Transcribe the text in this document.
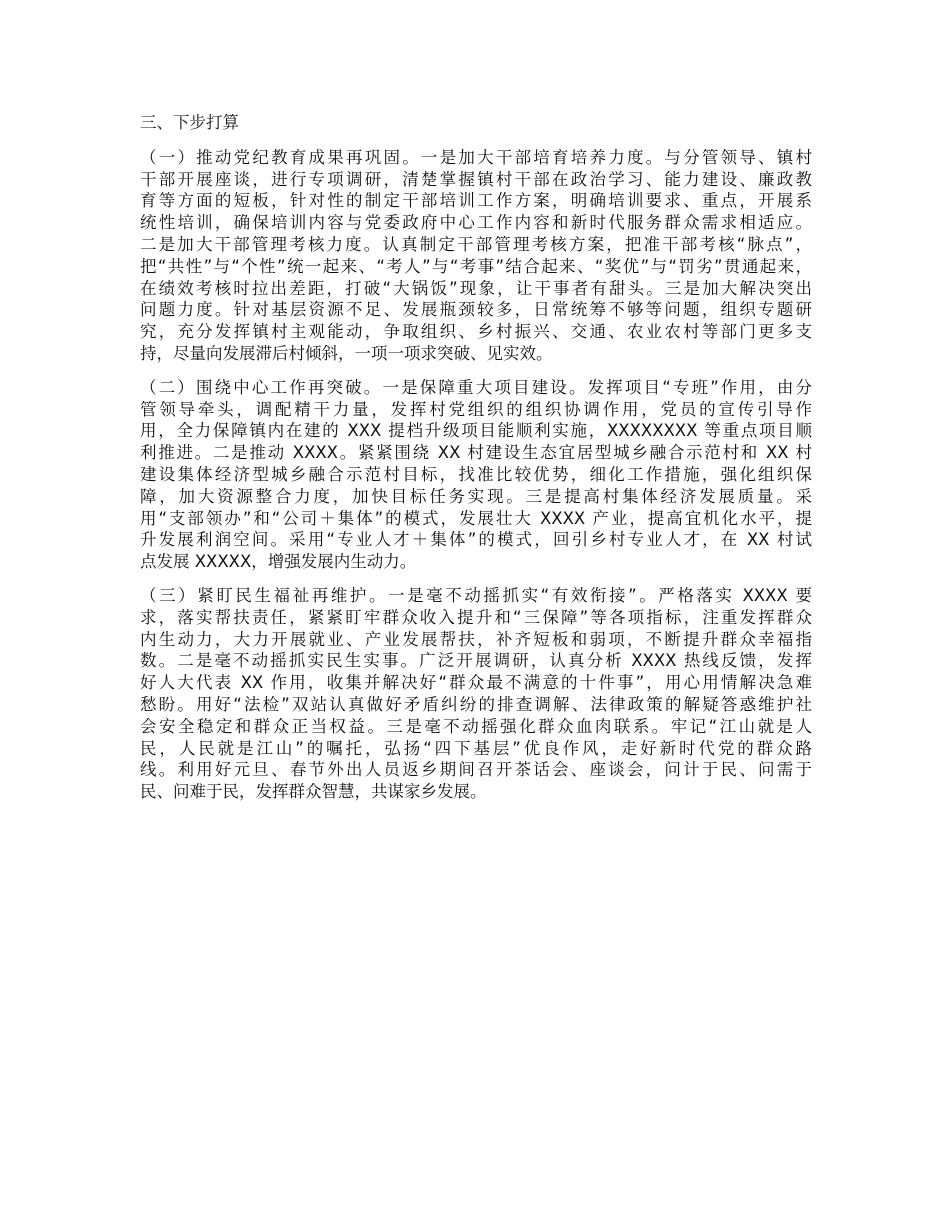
三、下步打算
（一）推动党纪教育成果再巩固。一是加大干部培育培养力度。与分管领导、镇村
干部开展座谈，进行专项调研，清楚掌握镇村干部在政治学习、能力建设、廉政教
育等方面的短板，针对性的制定干部培训工作方案，明确培训要求、重点，开展系
统性培训，确保培训内容与党委政府中心工作内容和新时代服务群众需求相适应。
二是加大干部管理考核力度。认真制定干部管理考核方案，把准干部考核“脉点”，
把“共性”与“个性”统一起来、“考人”与“考事”结合起来、“奖优”与“罚劣”贯通起来，
在绩效考核时拉出差距，打破“大锅饭”现象，让干事者有甜头。三是加大解决突出
问题力度。针对基层资源不足、发展瓶颈较多，日常统筹不够等问题，组织专题研
究，充分发挥镇村主观能动，争取组织、乡村振兴、交通、农业农村等部门更多支
持，尽量向发展滞后村倾斜，一项一项求突破、见实效。
（二）围绕中心工作再突破。一是保障重大项目建设。发挥项目“专班”作用，由分
管领导牵头，调配精干力量，发挥村党组织的组织协调作用，党员的宣传引导作
用，全力保障镇内在建的 XXX 提档升级项目能顺利实施，XXXXXXXX 等重点项目顺
利推进。二是推动 XXXX。紧紧围绕 XX 村建设生态宜居型城乡融合示范村和 XX 村
建设集体经济型城乡融合示范村目标，找准比较优势，细化工作措施，强化组织保
障，加大资源整合力度，加快目标任务实现。三是提高村集体经济发展质量。采
用“支部领办”和“公司＋集体”的模式，发展壮大 XXXX 产业，提高宜机化水平，提
升发展利润空间。采用“专业人才＋集体”的模式，回引乡村专业人才，在 XX 村试
点发展 XXXXX，增强发展内生动力。
（三）紧盯民生福祉再维护。一是毫不动摇抓实“有效衔接”。严格落实 XXXX 要
求，落实帮扶责任，紧紧盯牢群众收入提升和“三保障”等各项指标，注重发挥群众
内生动力，大力开展就业、产业发展帮扶，补齐短板和弱项，不断提升群众幸福指
数。二是毫不动摇抓实民生实事。广泛开展调研，认真分析 XXXX 热线反馈，发挥
好人大代表 XX 作用，收集并解决好“群众最不满意的十件事”，用心用情解决急难
愁盼。用好“法检”双站认真做好矛盾纠纷的排查调解、法律政策的解疑答惑维护社
会安全稳定和群众正当权益。三是毫不动摇强化群众血肉联系。牢记“江山就是人
民，人民就是江山”的嘱托，弘扬“四下基层”优良作风，走好新时代党的群众路
线。利用好元旦、春节外出人员返乡期间召开茶话会、座谈会，问计于民、问需于
民、问难于民，发挥群众智慧，共谋家乡发展。
